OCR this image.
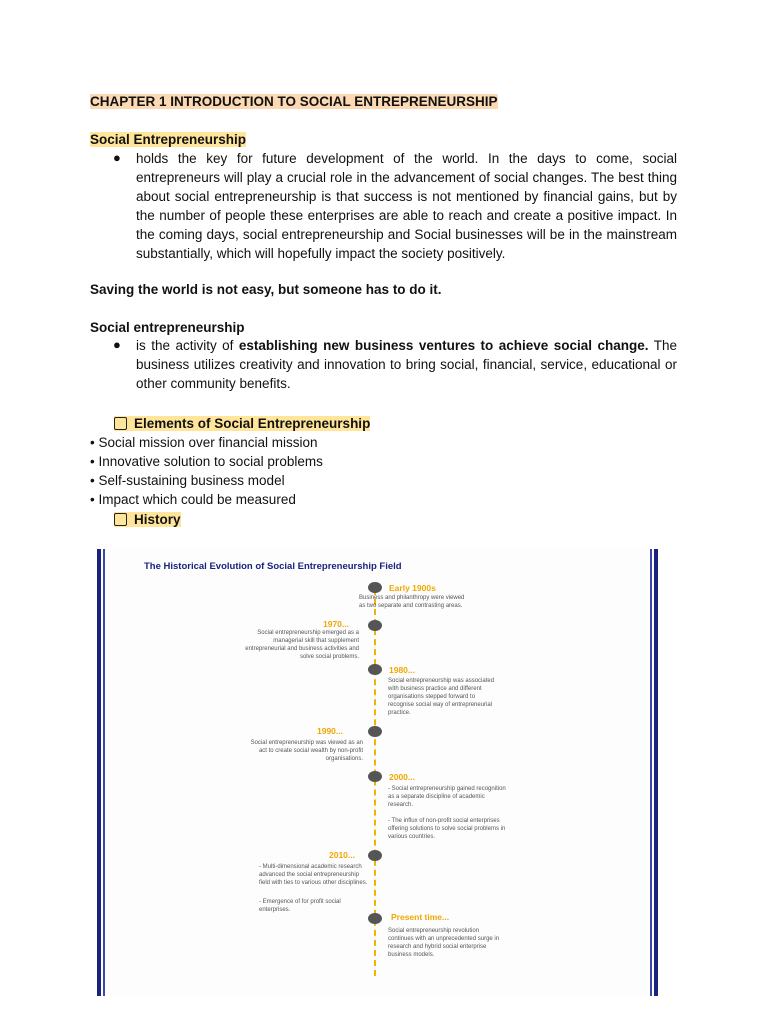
CHAPTER 1 INTRODUCTION TO SOCIAL ENTREPRENEURSHIP
Social Entrepreneurship
● holds the key for future development of the world. In the days to come, social entrepreneurs will play a crucial role in the advancement of social changes. The best thing about social entrepreneurship is that success is not mentioned by financial gains, but by the number of people these enterprises are able to reach and create a positive impact. In the coming days, social entrepreneurship and Social businesses will be in the mainstream substantially, which will hopefully impact the society positively.
Saving the world is not easy, but someone has to do it.
Social entrepreneurship
● is the activity of establishing new business ventures to achieve social change. The business utilizes creativity and innovation to bring social, financial, service, educational or other community benefits.
Elements of Social Entrepreneurship
• Social mission over financial mission
• Innovative solution to social problems
• Self-sustaining business model
• Impact which could be measured
History
The Historical Evolution of Social Entrepreneurship Field
Early 1900s
Business and philanthropy were viewed as two separate and contrasting areas.
1970...
Social entrepreneurship emerged as a managerial skill that supplement entrepreneurial and business activities and solve social problems.
1980...
Social entrepreneurship was associated with business practice and different organisations stepped forward to recognise social way of entrepreneurial practice.
1990...
Social entrepreneurship was viewed as an act to create social wealth by non-profit organisations.
2000...
- Social entrepreneurship gained recognition as a separate discipline of academic research.
- The influx of non-profit social enterprises offering solutions to solve social problems in various countries.
2010...
- Multi-dimensional academic research advanced the social entrepreneurship field with ties to various other disciplines.
- Emergence of for profit social enterprises.
Present time...
Social entrepreneurship revolution continues with an unprecedented surge in research and hybrid social enterprise business models.
